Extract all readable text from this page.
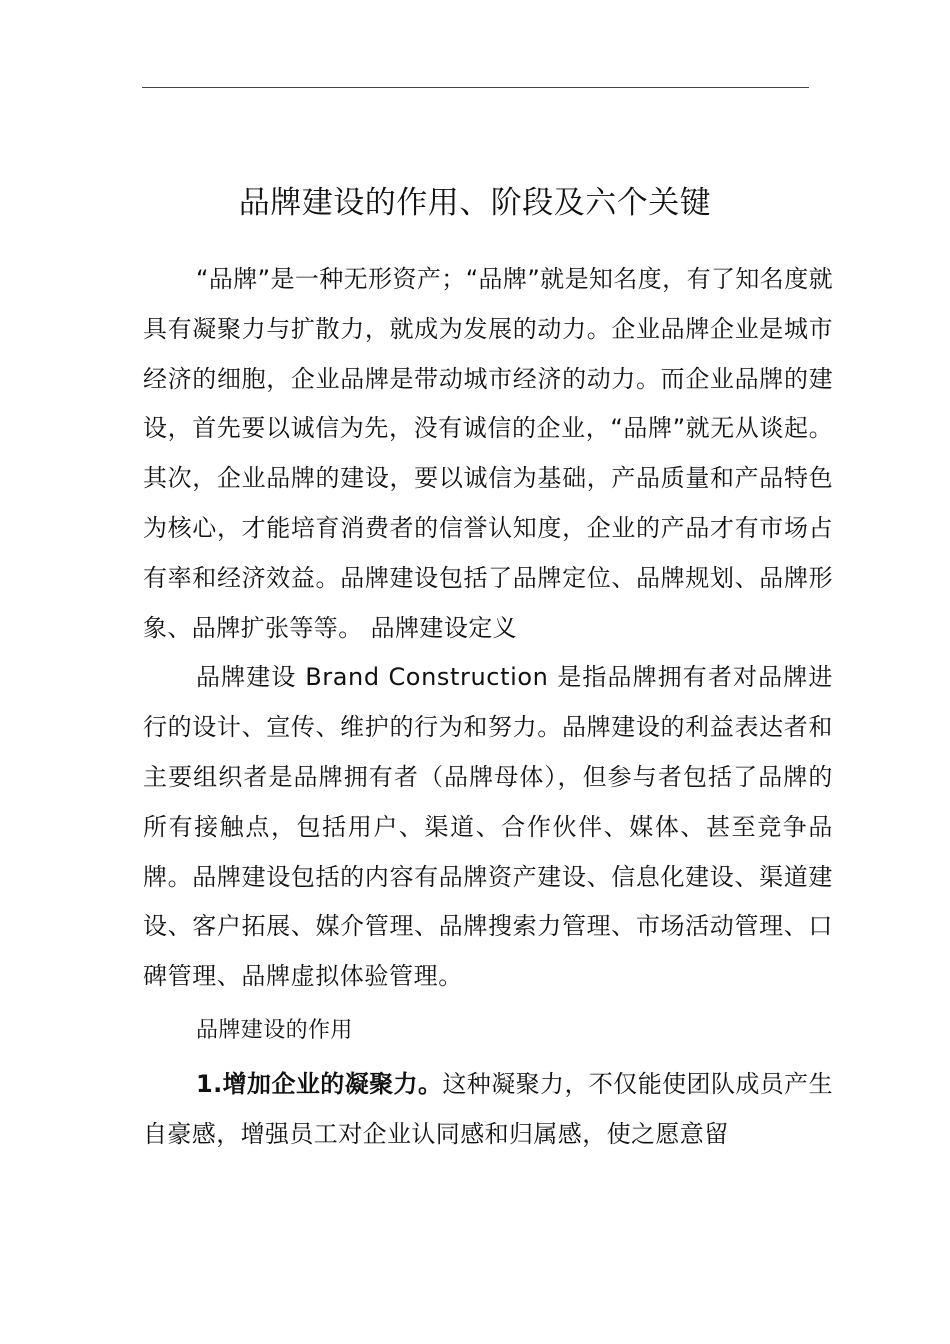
品牌建设的作用、阶段及六个关键

“品牌”是一种无形资产；“品牌”就是知名度，有了知名度就具有凝聚力与扩散力，就成为发展的动力。企业品牌企业是城市经济的细胞，企业品牌是带动城市经济的动力。而企业品牌的建设，首先要以诚信为先，没有诚信的企业，“品牌”就无从谈起。其次，企业品牌的建设，要以诚信为基础，产品质量和产品特色为核心，才能培育消费者的信誉认知度，企业的产品才有市场占有率和经济效益。品牌建设包括了品牌定位、品牌规划、品牌形象、品牌扩张等等。 品牌建设定义

品牌建设 Brand Construction 是指品牌拥有者对品牌进行的设计、宣传、维护的行为和努力。品牌建设的利益表达者和主要组织者是品牌拥有者（品牌母体），但参与者包括了品牌的所有接触点，包括用户、渠道、合作伙伴、媒体、甚至竞争品牌。品牌建设包括的内容有品牌资产建设、信息化建设、渠道建设、客户拓展、媒介管理、品牌搜索力管理、市场活动管理、口碑管理、品牌虚拟体验管理。

品牌建设的作用

1.增加企业的凝聚力。这种凝聚力，不仅能使团队成员产生自豪感，增强员工对企业认同感和归属感，使之愿意留
